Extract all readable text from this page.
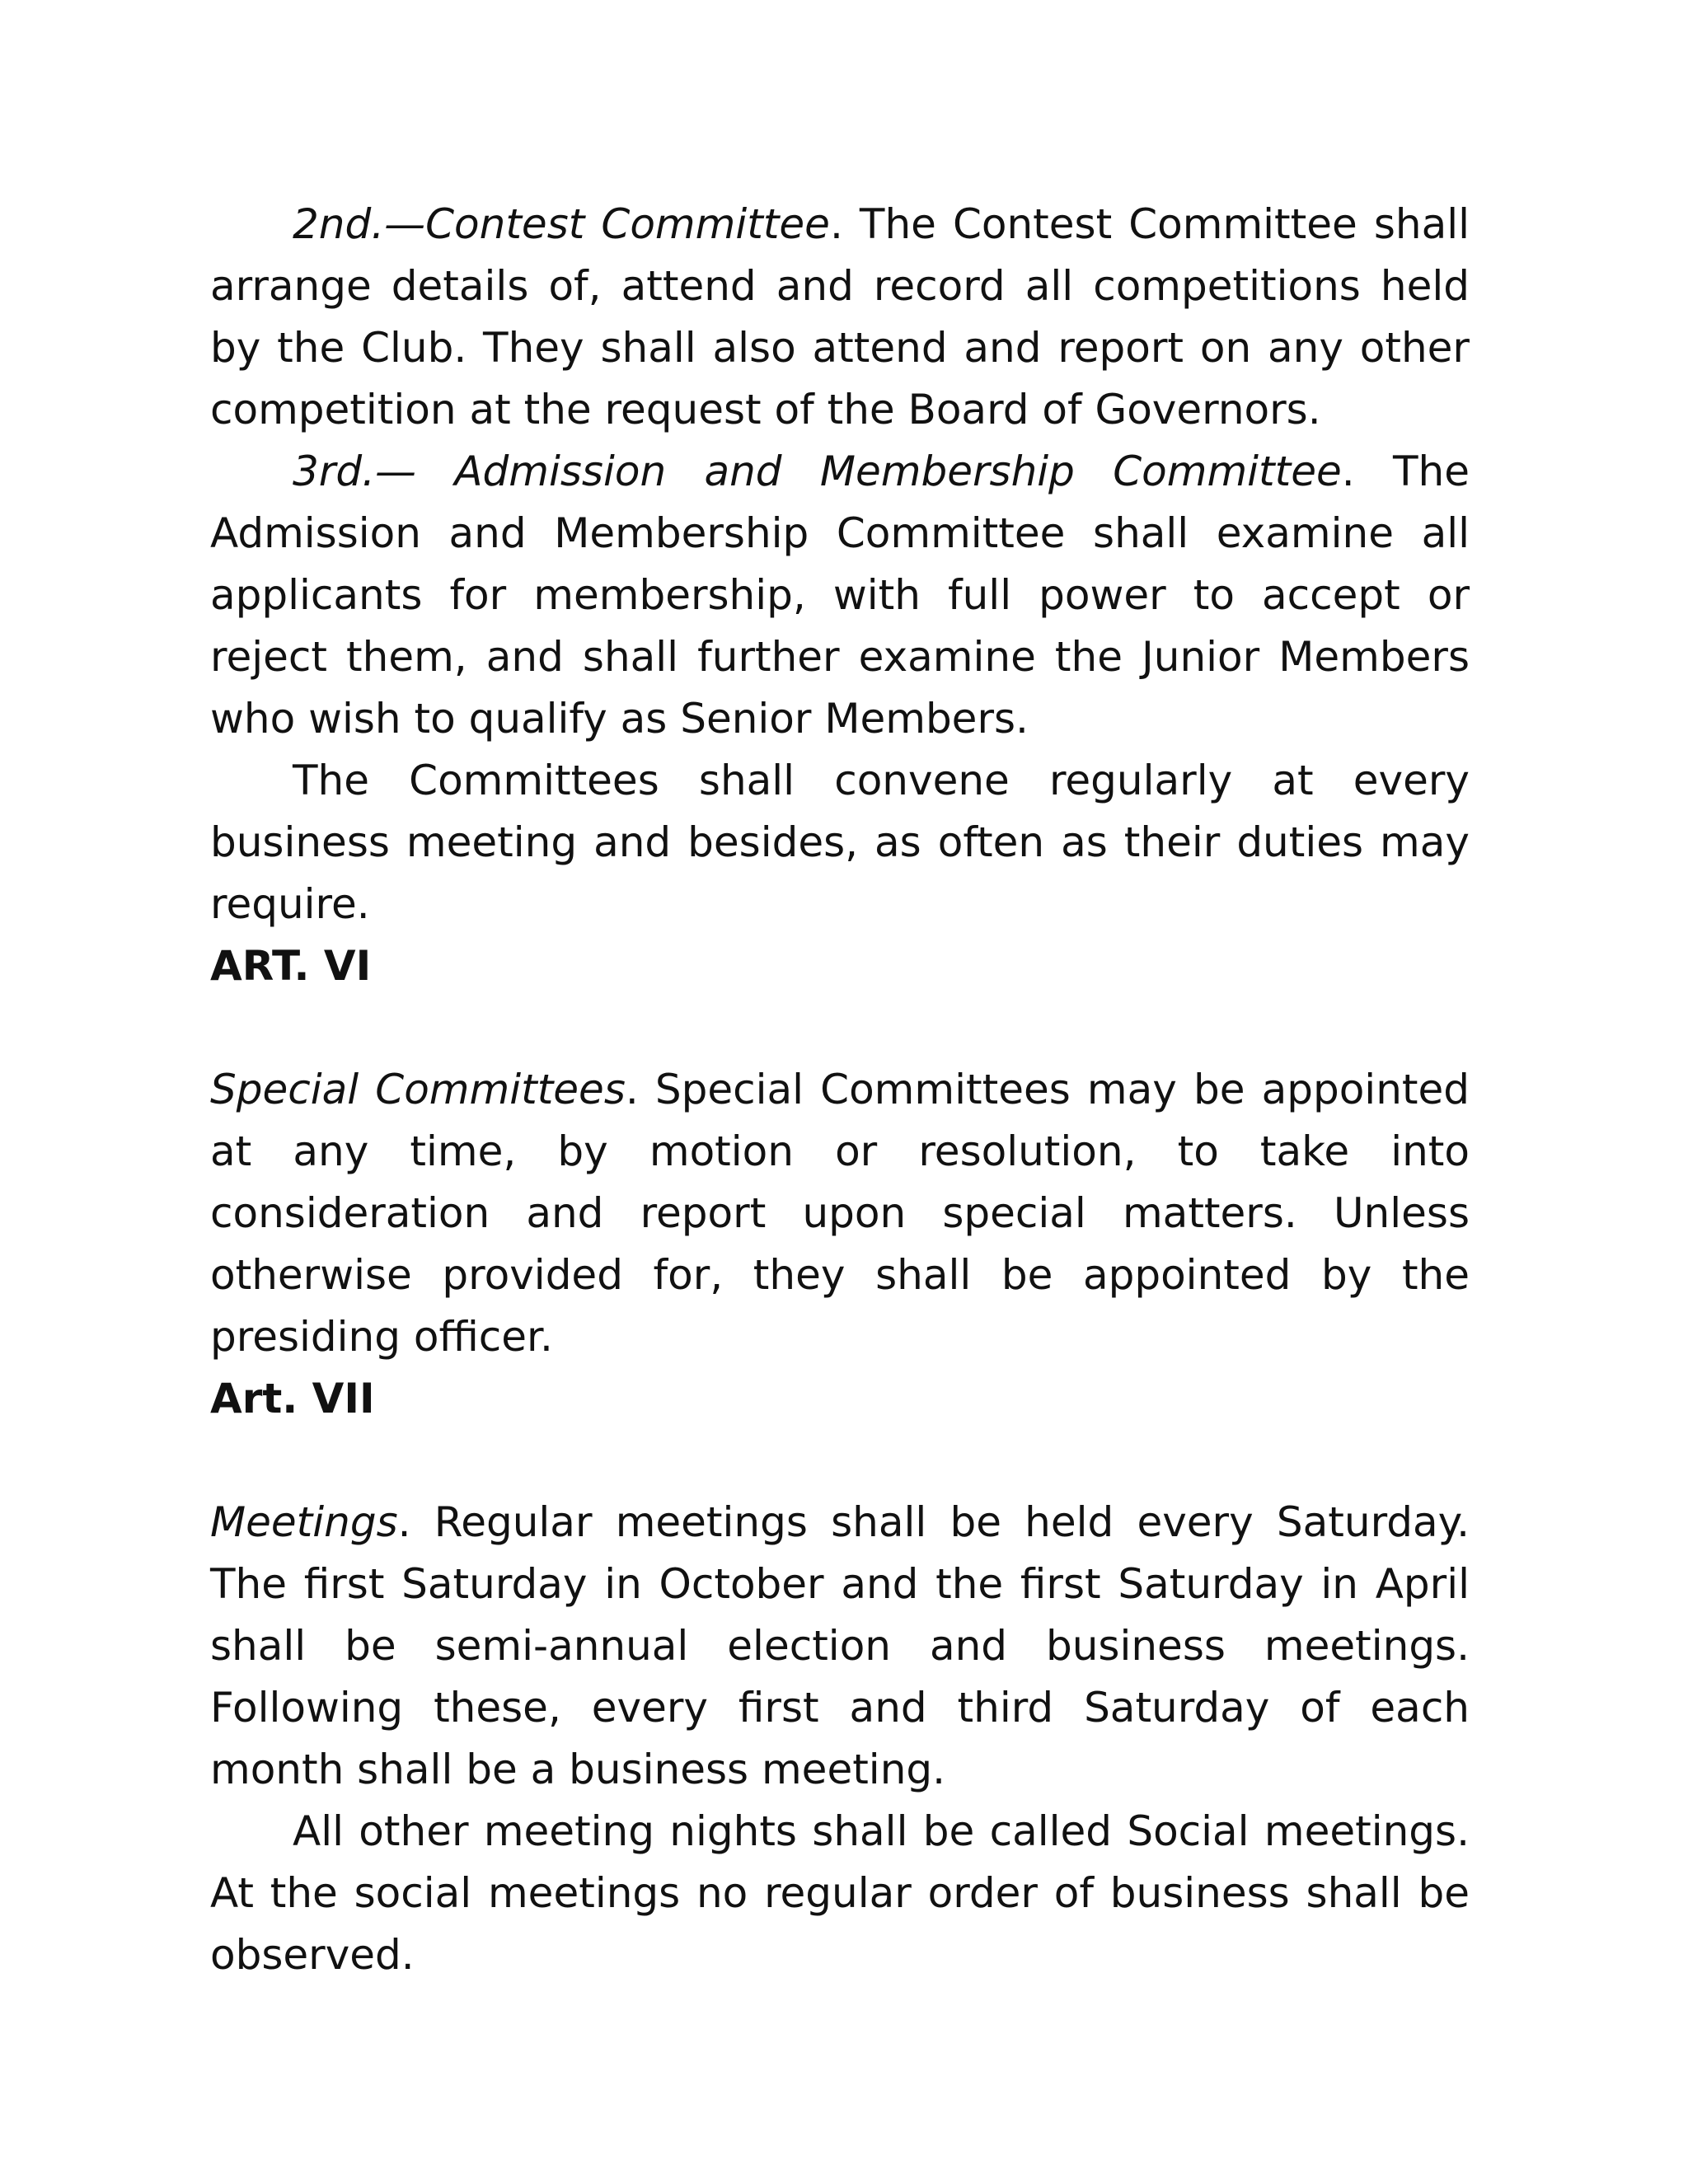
2nd.—Contest Committee. The Contest Committee shall arrange details of, attend and record all competitions held by the Club. They shall also attend and report on any other competition at the request of the Board of Governors.

3rd.— Admission and Membership Committee. The Admission and Membership Committee shall examine all applicants for membership, with full power to accept or reject them, and shall further examine the Junior Members who wish to qualify as Senior Members.

The Committees shall convene regularly at every business meeting and besides, as often as their duties may require.

ART. VI

Special Committees. Special Committees may be appointed at any time, by motion or resolution, to take into consideration and report upon special matters. Unless otherwise provided for, they shall be appointed by the presiding officer.

Art. VII

Meetings. Regular meetings shall be held every Saturday. The first Saturday in October and the first Saturday in April shall be semi-annual election and business meetings. Following these, every first and third Saturday of each month shall be a business meeting.

All other meeting nights shall be called Social meetings. At the social meetings no regular order of business shall be observed.
